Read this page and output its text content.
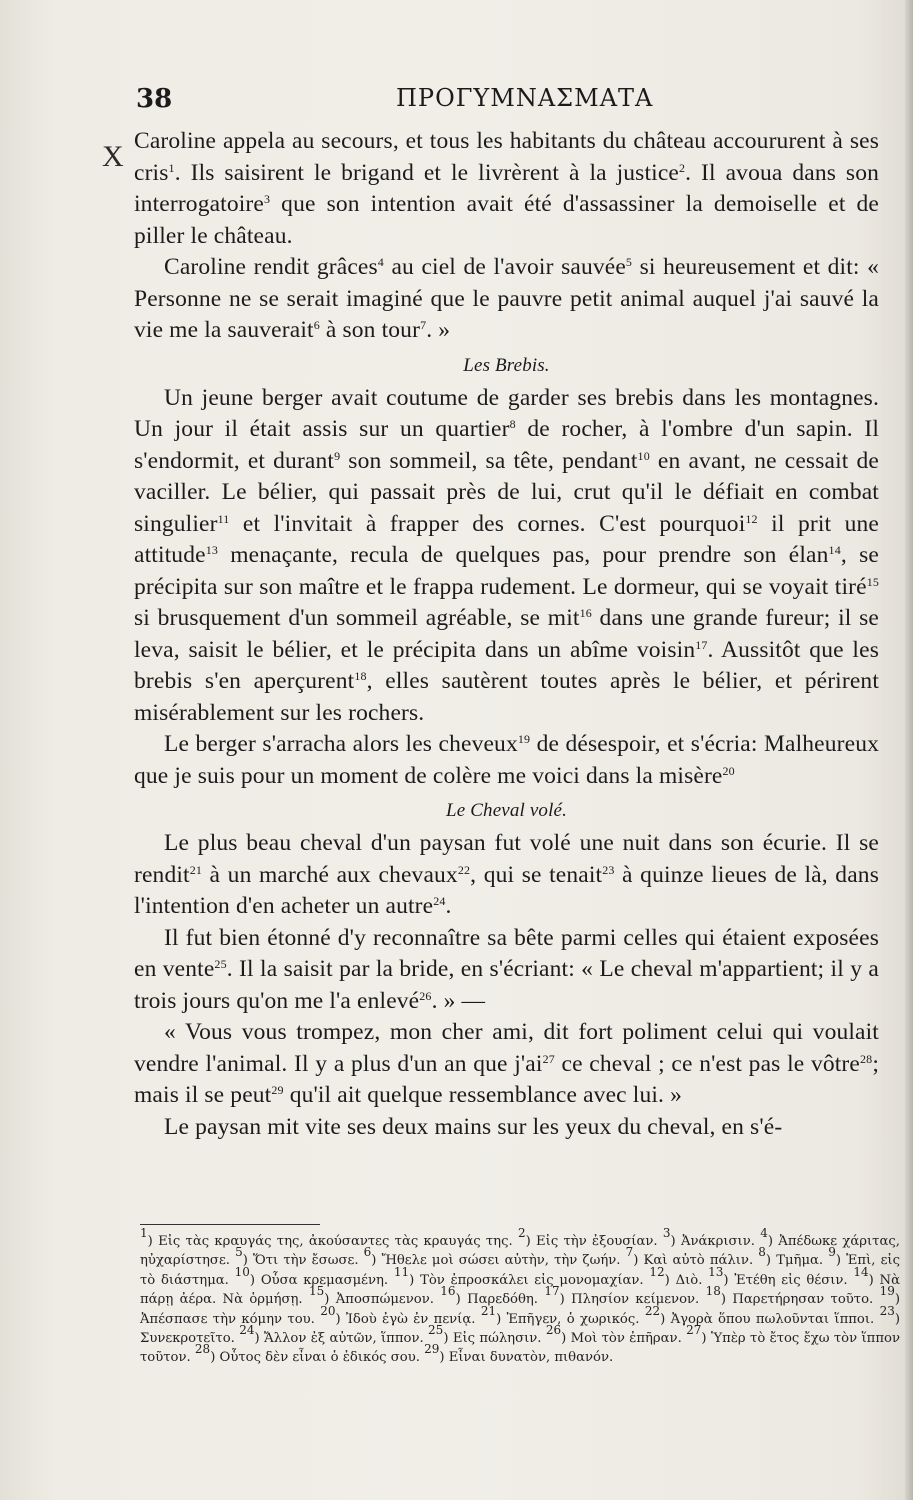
38	ΠΡΟΓΥΜΝΑΣΜΑΤΑ
X Caroline appela au secours, et tous les habitants du château accoururent à ses cris$^1$. Ils saisirent le brigand et le livrèrent à la justice$^2$. Il avoua dans son interrogatoire$^3$ que son intention avait été d'assassiner la demoiselle et de piller le château.

Caroline rendit grâces$^4$ au ciel de l'avoir sauvée$^5$ si heureusement et dit: « Personne ne se serait imaginé que le pauvre petit animal auquel j'ai sauvé la vie me la sauverait$^6$ à son tour$^7$. »

Les Brebis.

Un jeune berger avait coutume de garder ses brebis dans les montagnes. Un jour il était assis sur un quartier$^8$ de rocher, à l'ombre d'un sapin. Il s'endormit, et durant$^9$ son sommeil, sa tête, pendant$^{10}$ en avant, ne cessait de vaciller. Le bélier, qui passait près de lui, crut qu'il le défiait en combat singulier$^{11}$ et l'invitait à frapper des cornes. C'est pourquoi$^{12}$ il prit une attitude$^{13}$ menaçante, recula de quelques pas, pour prendre son élan$^{14}$, se précipita sur son maître et le frappa rudement. Le dormeur, qui se voyait tiré$^{15}$ si brusquement d'un sommeil agréable, se mit$^{16}$ dans une grande fureur; il se leva, saisit le bélier, et le précipita dans un abîme voisin$^{17}$. Aussitôt que les brebis s'en aperçurent$^{18}$, elles sautèrent toutes après le bélier, et périrent misérablement sur les rochers.

Le berger s'arracha alors les cheveux$^{19}$ de désespoir, et s'écria: Malheureux que je suis pour un moment de colère me voici dans la misère$^{20}$

Le Cheval volé.

Le plus beau cheval d'un paysan fut volé une nuit dans son écurie. Il se rendit$^{21}$ à un marché aux chevaux$^{22}$, qui se tenait$^{23}$ à quinze lieues de là, dans l'intention d'en acheter un autre$^{24}$.

Il fut bien étonné d'y reconnaître sa bête parmi celles qui étaient exposées en vente$^{25}$. Il la saisit par la bride, en s'écriant: « Le cheval m'appartient; il y a trois jours qu'on me l'a enlevé$^{26}$. » —

« Vous vous trompez, mon cher ami, dit fort poliment celui qui voulait vendre l'animal. Il y a plus d'un an que $j'ai^{27}$ ce cheval ; ce n'est pas le vôtre$^{28}$; mais il se peut$^{29}$ qu'il ait quelque ressemblance avec lui. »

Le paysan mit vite ses deux mains sur les yeux du cheval, en s'é-

$^1$) Εἰς τὰς κραυγάς της, ἀκούσαντες τὰς κραυγάς της. $^2$) Εἰς τὴν ἐξουσίαν. $^3$) Ἀνάκρισιν. $^4$) Ἀπέδωκε χάριτας, ηὐχαρίστησε. $^5$) Ὅτι τὴν ἔσωσε. $^6$) Ἤθελε μοὶ σώσει αὐτὴν, τὴν ζωήν. $^7$) Καὶ αὐτὸ πάλιν. $^8$) Τμῆμα. $^9$) Ἐπὶ, εἰς τὸ διάστημα. $^{10}$) Οὖσα κρεμασμένη. $^{11}$) Τὸν ἐπροσκάλει εἰς μονομαχίαν. $^{12}$) Διὸ. $^{13}$) Ἐτέθη εἰς θέσιν. $^{14}$) Νὰ πάρῃ ἀέρα. Νὰ ὁρμήσῃ. $^{15}$) Ἀποσπώμενον. $^{16}$) Παρεδόθη. $^{17}$) Πλησίον κείμενον. $^{18}$) Παρετήρησαν τοῦτο. $^{19}$) Ἀπέσπασε τὴν κόμην του. $^{20}$) Ἰδοὺ ἐγὼ ἐν πενίᾳ. $^{21}$) Ἐπῆγεν, ὁ χωρικός. $^{22}$) Ἀγορὰ ὅπου πωλοῦνται ἵπποι. $^{23}$) Συνεκροτεῖτο. $^{24}$) Ἄλλον ἐξ αὐτῶν, ἵππον. $^{25}$) Εἰς πώλησιν. $^{26}$) Μοὶ τὸν ἐπῆραν. $^{27}$) Ὑπὲρ τὸ ἔτος ἔχω τὸν ἵππον τοῦτον. $^{28}$) Οὗτος δὲν εἶναι ὁ ἐδικός σου. $^{29}$) Εἶναι δυνατὸν, πιθανόν.
